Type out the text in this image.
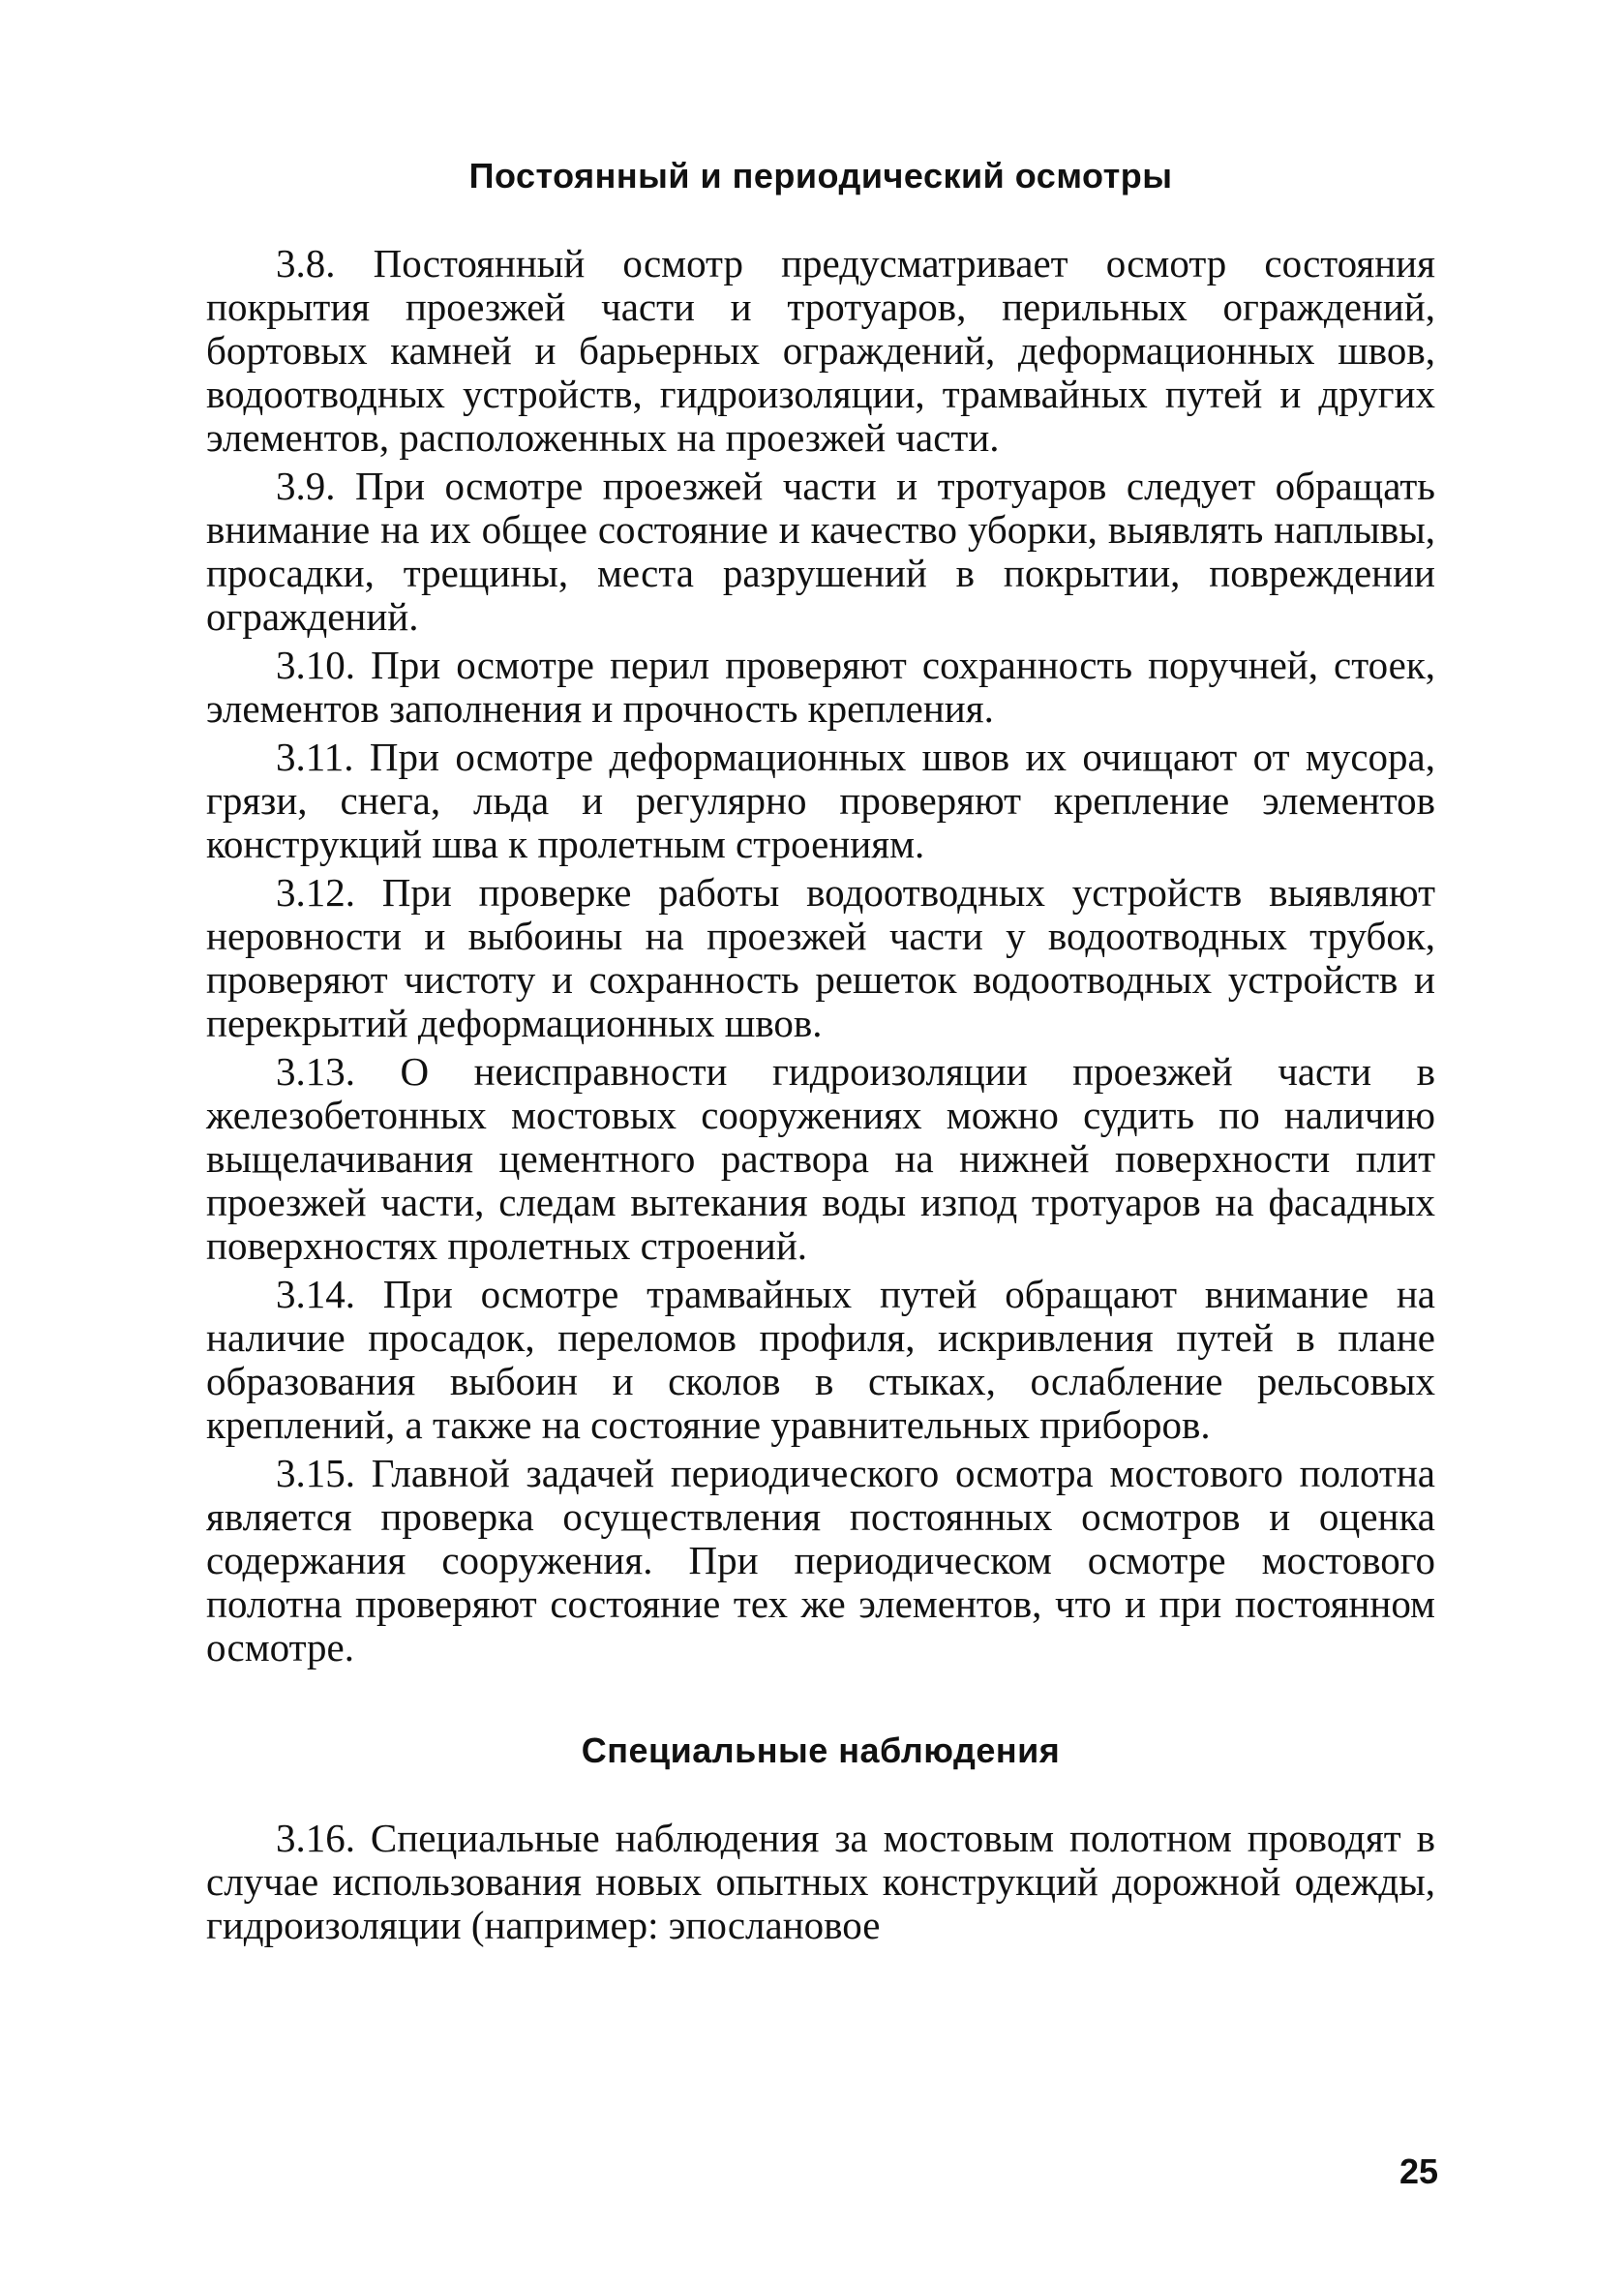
Постоянный и периодический осмотры

3.8. Постоянный осмотр предусматривает осмотр состояния покрытия проезжей части и тротуаров, перильных ограждений, бортовых камней и барьерных ограждений, деформационных швов, водоотводных устройств, гидроизоляции, трамвайных путей и других элементов, расположенных на проезжей части.

3.9. При осмотре проезжей части и тротуаров следует обращать внимание на их общее состояние и качество уборки, выявлять наплывы, просадки, трещины, места разрушений в покрытии, повреждении ограждений.

3.10. При осмотре перил проверяют сохранность поручней, стоек, элементов заполнения и прочность крепления.

3.11. При осмотре деформационных швов их очищают от мусора, грязи, снега, льда и регулярно проверяют крепление элементов конструкций шва к пролетным строениям.

3.12. При проверке работы водоотводных устройств выявляют неровности и выбоины на проезжей части у водоотводных трубок, проверяют чистоту и сохранность решеток водоотводных устройств и перекрытий деформационных швов.

3.13. О неисправности гидроизоляции проезжей части в железобетонных мостовых сооружениях можно судить по наличию выщелачивания цементного раствора на нижней поверхности плит проезжей части, следам вытекания воды изпод тротуаров на фасадных поверхностях пролетных строений.

3.14. При осмотре трамвайных путей обращают внимание на наличие просадок, переломов профиля, искривления путей в плане образования выбоин и сколов в стыках, ослабление рельсовых креплений, а также на состояние уравнительных приборов.

3.15. Главной задачей периодического осмотра мостового полотна является проверка осуществления постоянных осмотров и оценка содержания сооружения. При периодическом осмотре мостового полотна проверяют состояние тех же элементов, что и при постоянном осмотре.

Специальные наблюдения

3.16. Специальные наблюдения за мостовым полотном проводят в случае использования новых опытных конструкций дорожной одежды, гидроизоляции (например: эпослановое

25
